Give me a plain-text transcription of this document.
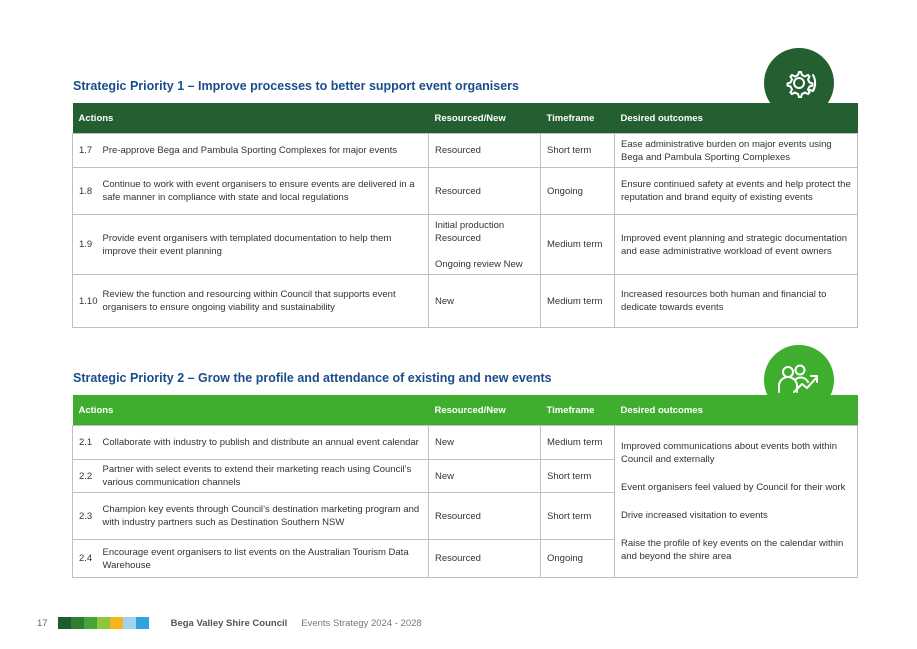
Strategic Priority 1 – Improve processes to better support event organisers
Actions		Resourced/New	Timeframe	Desired outcomes
1.7	Pre-approve Bega and Pambula Sporting Complexes for major events	Resourced	Short term	Ease administrative burden on major events using Bega and Pambula Sporting Complexes
1.8	Continue to work with event organisers to ensure events are delivered in a safe manner in compliance with state and local regulations	Resourced	Ongoing	Ensure continued safety at events and help protect the reputation and brand equity of existing events
1.9	Provide event organisers with templated documentation to help them improve their event planning	Initial production Resourced
Ongoing review New	Medium term	Improved event planning and strategic documentation and ease administrative workload of event owners
1.10	Review the function and resourcing within Council that supports event organisers to ensure ongoing viability and sustainability	New	Medium term	Increased resources both human and financial to dedicate towards events
Strategic Priority 2 – Grow the profile and attendance of existing and new events
Actions		Resourced/New	Timeframe	Desired outcomes
2.1	Collaborate with industry to publish and distribute an annual event calendar	New	Medium term	Improved communications about events both within Council and externally

Event organisers feel valued by Council for their work

Drive increased visitation to events

Raise the profile of key events on the calendar within and beyond the shire area

2.2	Partner with select events to extend their marketing reach using Council’s various communication channels	New	Short term	
2.3	Champion key events through Council’s destination marketing program and with industry partners such as Destination Southern NSW	Resourced	Short term	
2.4	Encourage event organisers to list events on the Australian Tourism Data Warehouse	Resourced	Ongoing	
17	Bega Valley Shire Council Events Strategy 2024 - 2028
